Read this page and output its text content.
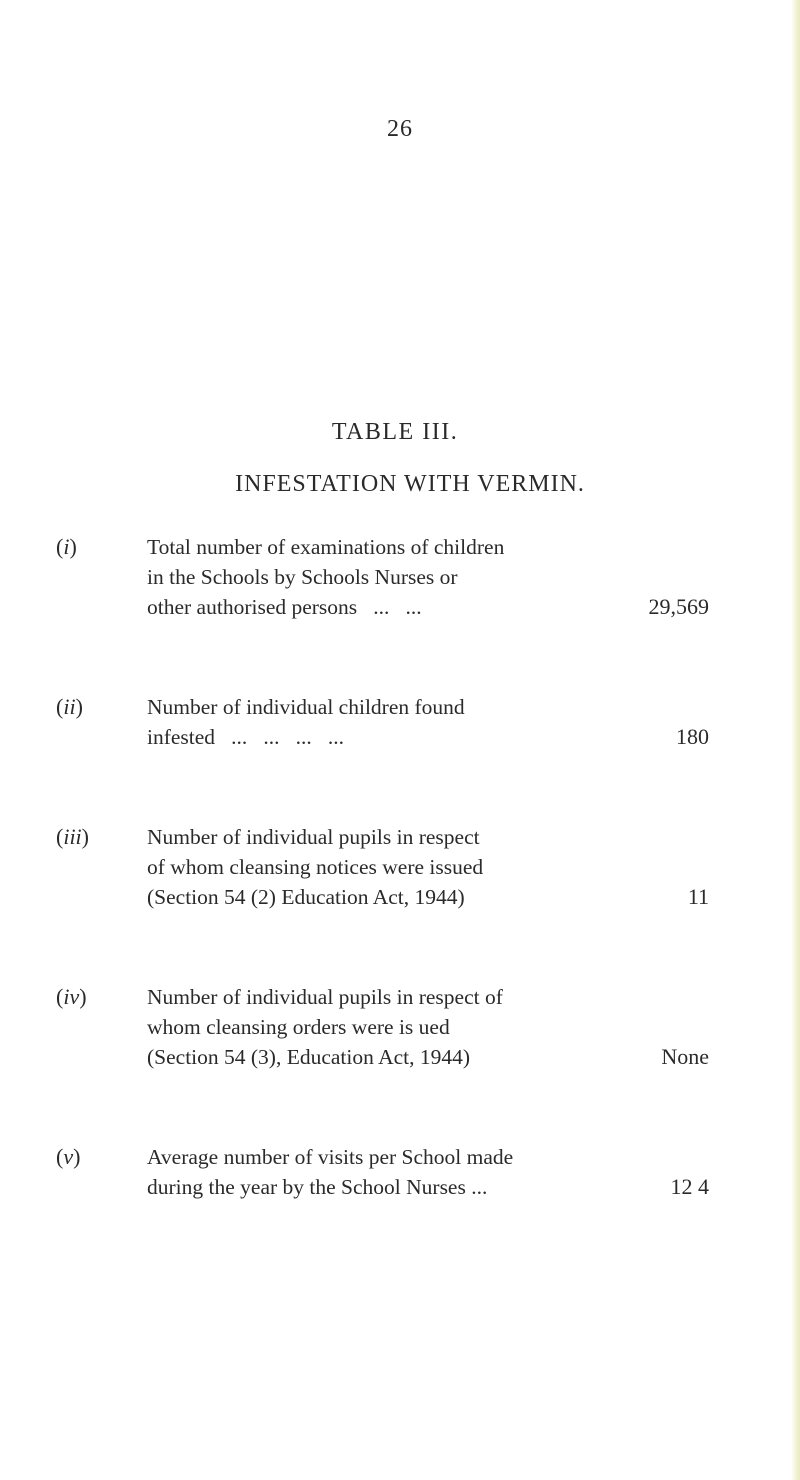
26
TABLE III.
INFESTATION WITH VERMIN.
(i)	Total number of examinations of children
in the Schools by Schools Nurses or
other authorised persons   ...   ...	29,569
(ii)	Number of individual children found
infested   ...   ...   ...   ...	180
(iii)	Number of individual pupils in respect
of whom cleansing notices were issued
(Section 54 (2) Education Act, 1944)	11
(iv)	Number of individual pupils in respect of
whom cleansing orders were is ued
(Section 54 (3), Education Act, 1944)	None
(v)	Average number of visits per School made
during the year by the School Nurses ...	12 4
